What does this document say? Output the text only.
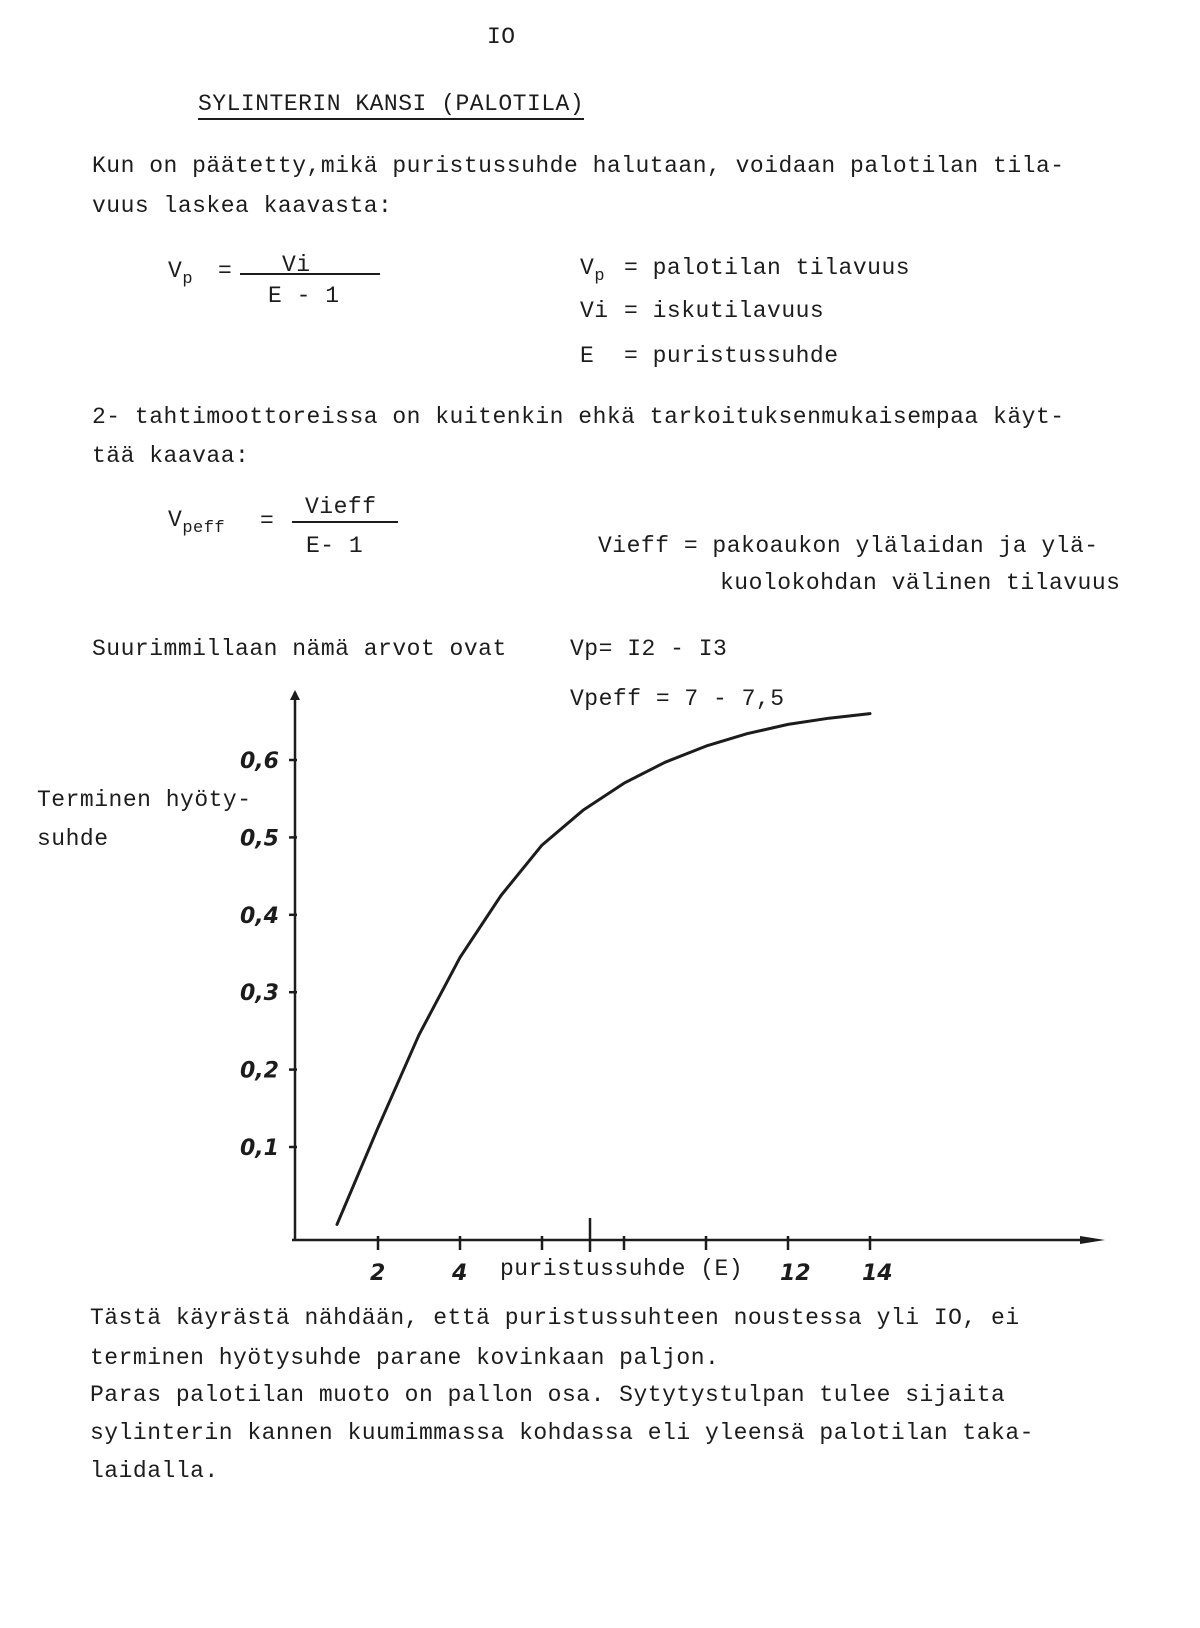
IO
SYLINTERIN KANSI (PALOTILA)
Kun on päätetty,mikä puristussuhde halutaan, voidaan palotilan tila-
vuus laskea kaavasta:
$V_p = Vi$
E - 1
$V_p$ = palotilan tilavuus
Vi = iskutilavuus
E = puristussuhde
2- tahtimoottoreissa on kuitenkin ehkä tarkoituksenmukaisempaa käyt-
tää kaavaa:
$V_{peff}$ =
Vieff
E- 1	Vieff = pakoaukon ylälaidan ja ylä-
kuolokohdan välinen tilavuus
Suurimmillaan nämä arvot ovat	Vp= I2 - I3
Vpeff = 7 - 7,5
Terminen hyöty-
suhde
0,1
0,2
0,3
0,4
0,5
0,6
2	4	12 14
puristussuhde (E)
Tästä käyrästä nähdään, että puristussuhteen noustessa yli IO, ei
terminen hyötysuhde parane kovinkaan paljon.
Paras palotilan muoto on pallon osa. Sytytystulpan tulee sijaita
sylinterin kannen kuumimmassa kohdassa eli yleensä palotilan taka-
laidalla.
